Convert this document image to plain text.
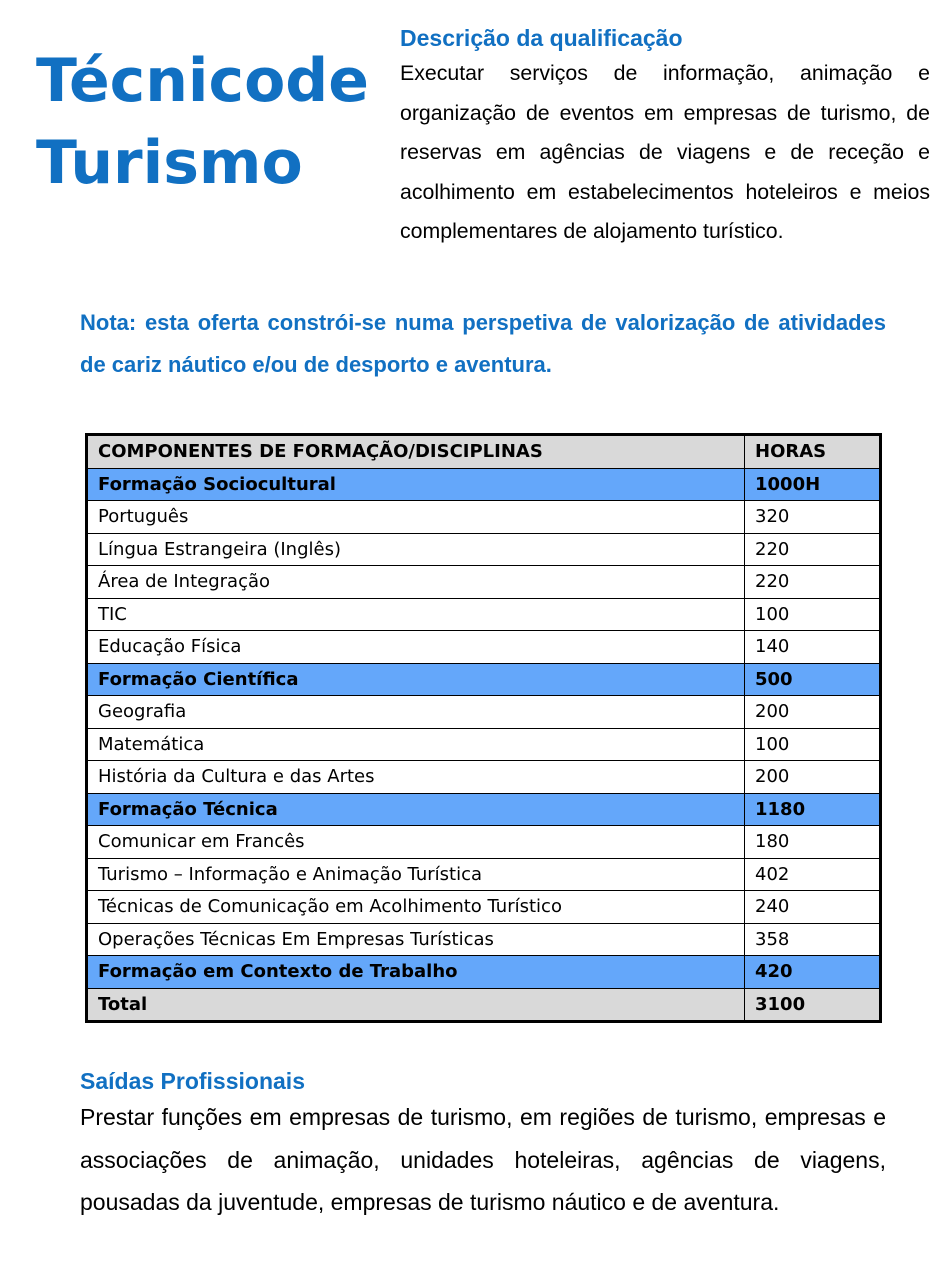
Técnico de
Turismo
Descrição da qualificação

Executar serviços de informação, animação e organização de eventos em empresas de turismo, de reservas em agências de viagens e de receção e acolhimento em estabelecimentos hoteleiros e meios complementares de alojamento turístico.

Nota: esta oferta constrói-se numa perspetiva de valorização de atividades de cariz náutico e/ou de desporto e aventura.

COMPONENTES DE FORMAÇÃO/DISCIPLINAS	HORAS
Formação Sociocultural	1000H
Português	320
Língua Estrangeira (Inglês)	220
Área de Integração	220
TIC	100
Educação Física	140
Formação Científica	500
Geografia	200
Matemática	100
História da Cultura e das Artes	200
Formação Técnica	1180
Comunicar em Francês	180
Turismo – Informação e Animação Turística	402
Técnicas de Comunicação em Acolhimento Turístico	240
Operações Técnicas Em Empresas Turísticas	358
Formação em Contexto de Trabalho	420
Total	3100
Saídas Profissionais

Prestar funções em empresas de turismo, em regiões de turismo, empresas e associações de animação, unidades hoteleiras, agências de viagens, pousadas da juventude, empresas de turismo náutico e de aventura.
